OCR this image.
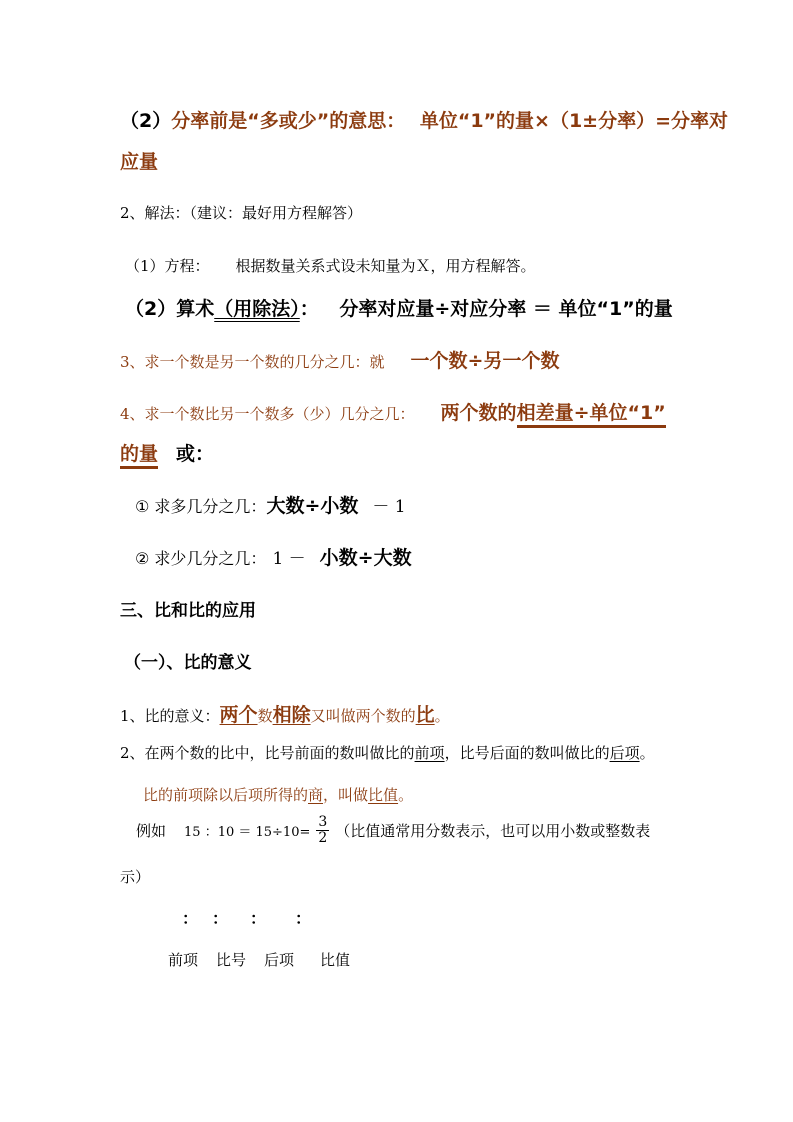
（2）分率前是“多或少”的意思： 单位“1”的量×（1±分率）=分率对
应量
2、解法：（建议：最好用方程解答）
（1）方程： 根据数量关系式设未知量为Ｘ，用方程解答。
（2）算术（用除法）： 分率对应量÷对应分率 ＝ 单位“1”的量
3、求一个数是另一个数的几分之几：就 一个数÷另一个数
4、求一个数比另一个数多（少）几分之几： 两个数的相差量÷单位“1”
的量 或：
① 求多几分之几：大数÷小数 － 1
② 求少几分之几： 1 － 小数÷大数
三、比和比的应用
（一）、比的意义
1、比的意义：两个数相除又叫做两个数的比。
2、在两个数的比中，比号前面的数叫做比的前项，比号后面的数叫做比的后项。
比的前项除以后项所得的商，叫做比值。
例如 15 ：$10 = 15\div 10= \frac{3}{2}$ （比值通常用分数表示，也可以用小数或整数表
示）
： ： ： ：
前项 比号 后项 比值
